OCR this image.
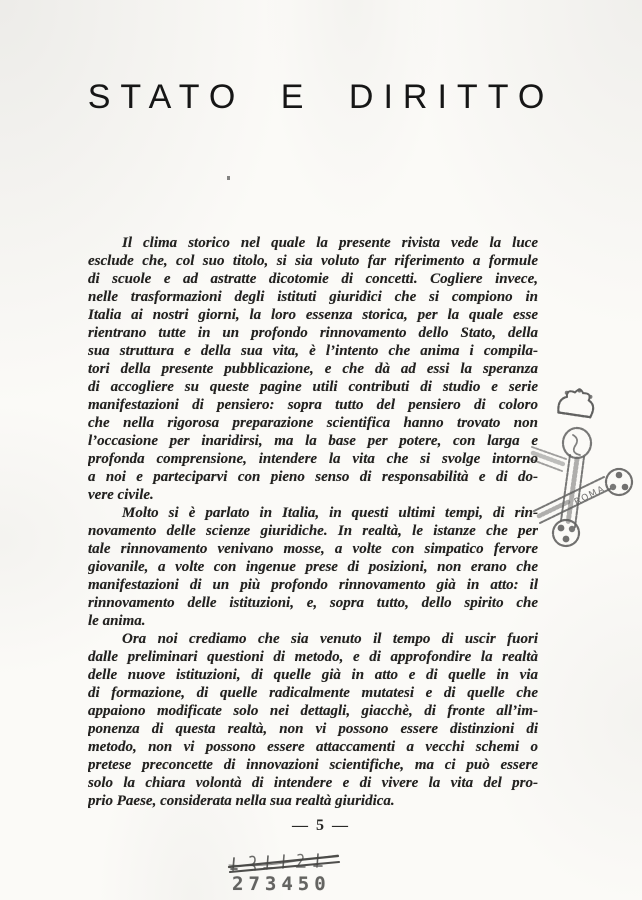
STATO E DIRITTO
Il clima storico nel quale la presente rivista vede la luce
esclude che, col suo titolo, si sia voluto far riferimento a formule
di scuole e ad astratte dicotomie di concetti. Cogliere invece,
nelle trasformazioni degli istituti giuridici che si compiono in
Italia ai nostri giorni, la loro essenza storica, per la quale esse
rientrano tutte in un profondo rinnovamento dello Stato, della
sua struttura e della sua vita, è l’intento che anima i compila-
tori della presente pubblicazione, e che dà ad essi la speranza
di accogliere su queste pagine utili contributi di studio e serie
manifestazioni di pensiero: sopra tutto del pensiero di coloro
che nella rigorosa preparazione scientifica hanno trovato non
l’occasione per inaridirsi, ma la base per potere, con larga e
profonda comprensione, intendere la vita che si svolge intorno
a noi e parteciparvi con pieno senso di responsabilità e di do-
vere civile.
Molto si è parlato in Italia, in questi ultimi tempi, di rin-
novamento delle scienze giuridiche. In realtà, le istanze che per
tale rinnovamento venivano mosse, a volte con simpatico fervore
giovanile, a volte con ingenue prese di posizioni, non erano che
manifestazioni di un più profondo rinnovamento già in atto: il
rinnovamento delle istituzioni, e, sopra tutto, dello spirito che
le anima.
Ora noi crediamo che sia venuto il tempo di uscir fuori
dalle preliminari questioni di metodo, e di approfondire la realtà
delle nuove istituzioni, di quelle già in atto e di quelle in via
di formazione, di quelle radicalmente mutatesi e di quelle che
appaiono modificate solo nei dettagli, giacchè, di fronte all’im-
ponenza di questa realtà, non vi possono essere distinzioni di
metodo, non vi possono essere attaccamenti a vecchi schemi o
pretese preconcette di innovazioni scientifiche, ma ci può essere
solo la chiara volontà di intendere e di vivere la vita del pro-
prio Paese, considerata nella sua realtà giuridica.
— 5 —
273450
ROMA
